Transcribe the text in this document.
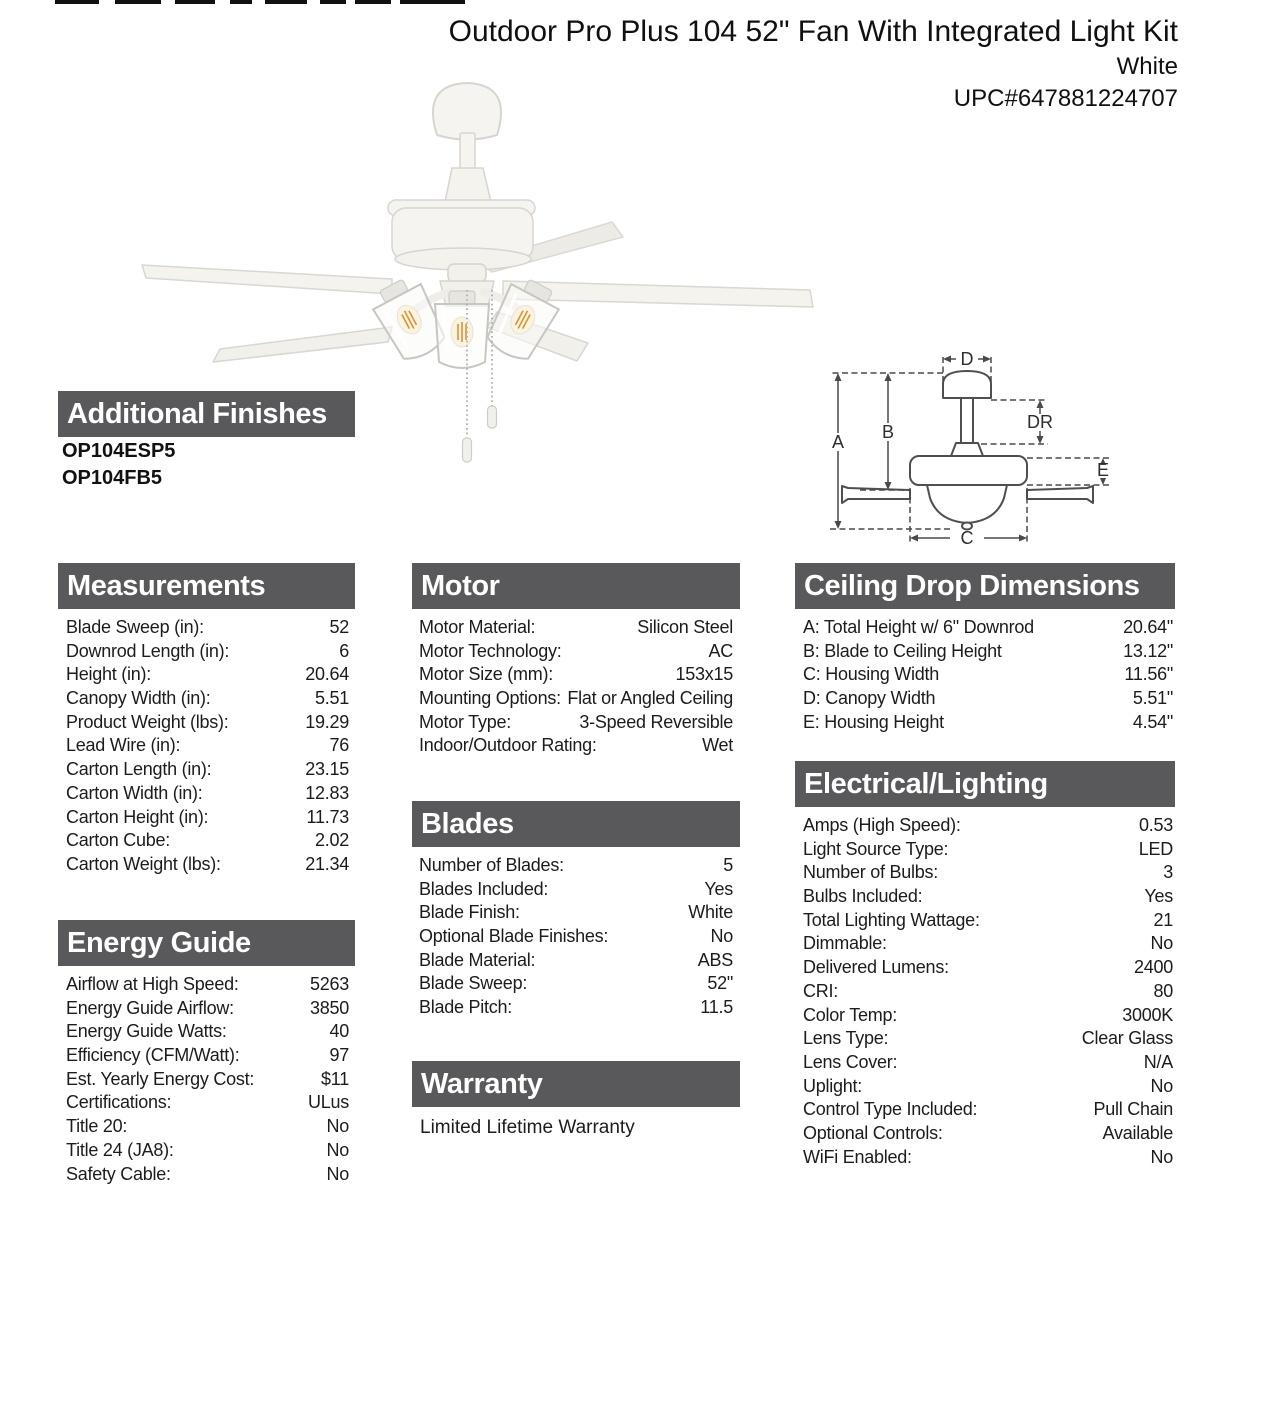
Outdoor Pro Plus 104 52" Fan With Integrated Light Kit
White
UPC#647881224707
D
A B	DR
E
C
Additional Finishes
OP104ESP5
OP104FB5
Measurements
Blade Sweep (in):	52
Downrod Length (in):	6
Height (in):	20.64
Canopy Width (in):	5.51
Product Weight (lbs):	19.29
Lead Wire (in):	76
Carton Length (in):	23.15
Carton Width (in):	12.83
Carton Height (in):	11.73
Carton Cube:	2.02
Carton Weight (lbs):	21.34
Energy Guide
Airflow at High Speed:	5263
Energy Guide Airflow:	3850
Energy Guide Watts:	40
Efficiency (CFM/Watt):	97
Est. Yearly Energy Cost:	$11
Certifications:	ULus
Title 20:	No
Title 24 (JA8):	No
Safety Cable:	No
Motor
Motor Material:	Silicon Steel
Motor Technology:	AC
Motor Size (mm):	153x15
Mounting Options: Flat or Angled Ceiling
Motor Type:	3-Speed Reversible
Indoor/Outdoor Rating:	Wet
Blades
Number of Blades:	5
Blades Included:	Yes
Blade Finish:	White
Optional Blade Finishes:	No
Blade Material:	ABS
Blade Sweep:	52"
Blade Pitch:	11.5
Warranty
Limited Lifetime Warranty
Ceiling Drop Dimensions
A: Total Height w/ 6" Downrod	20.64"
B: Blade to Ceiling Height	13.12"
C: Housing Width	11.56"
D: Canopy Width	5.51"
E: Housing Height	4.54"
Electrical/Lighting
Amps (High Speed):	0.53
Light Source Type:	LED
Number of Bulbs:	3
Bulbs Included:	Yes
Total Lighting Wattage:	21
Dimmable:	No
Delivered Lumens:	2400
CRI:	80
Color Temp:	3000K
Lens Type:	Clear Glass
Lens Cover:	N/A
Uplight:	No
Control Type Included:	Pull Chain
Optional Controls:	Available
WiFi Enabled:	No
